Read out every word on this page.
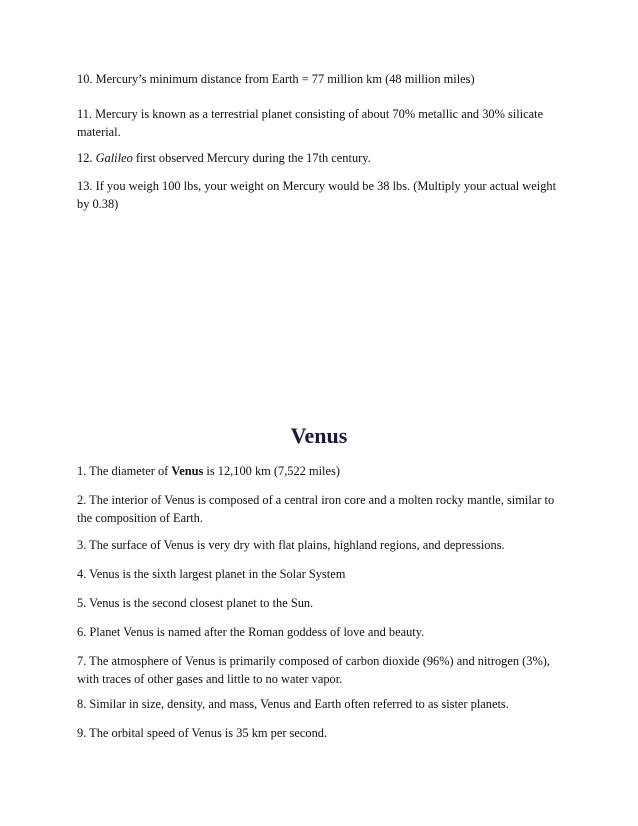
10. Mercury’s minimum distance from Earth = 77 million km (48 million miles)

11. Mercury is known as a terrestrial planet consisting of about 70% metallic and 30% silicate material.

12. Galileo first observed Mercury during the 17th century.

13. If you weigh 100 lbs, your weight on Mercury would be 38 lbs. (Multiply your actual weight by 0.38)

Venus

1. The diameter of Venus is 12,100 km (7,522 miles)

2. The interior of Venus is composed of a central iron core and a molten rocky mantle, similar to the composition of Earth.

3. The surface of Venus is very dry with flat plains, highland regions, and depressions.

4. Venus is the sixth largest planet in the Solar System

5. Venus is the second closest planet to the Sun.

6. Planet Venus is named after the Roman goddess of love and beauty.

7. The atmosphere of Venus is primarily composed of carbon dioxide (96%) and nitrogen (3%), with traces of other gases and little to no water vapor.

8. Similar in size, density, and mass, Venus and Earth often referred to as sister planets.

9. The orbital speed of Venus is 35 km per second.
